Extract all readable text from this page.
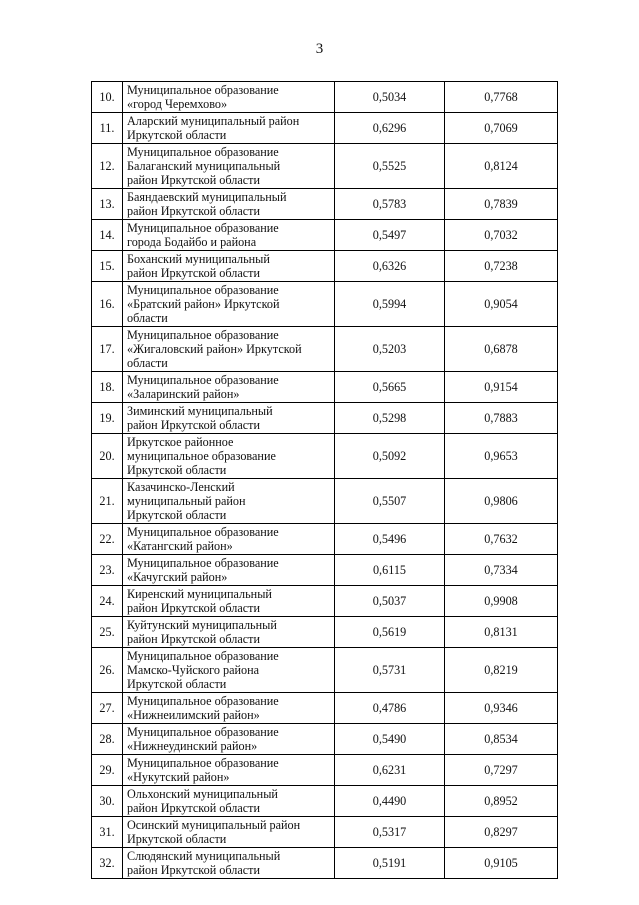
3
10.	Муниципальное образование
«город Черемхово»	0,5034	0,7768
11.	Аларский муниципальный район
Иркутской области	0,6296	0,7069
12.	Муниципальное образование
Балаганский муниципальный
район Иркутской области	0,5525	0,8124
13.	Баяндаевский муниципальный
район Иркутской области	0,5783	0,7839
14.	Муниципальное образование
города Бодайбо и района	0,5497	0,7032
15.	Боханский муниципальный
район Иркутской области	0,6326	0,7238
16.	Муниципальное образование
«Братский район» Иркутской
области	0,5994	0,9054
17.	Муниципальное образование
«Жигаловский район» Иркутской
области	0,5203	0,6878
18.	Муниципальное образование
«Заларинский район»	0,5665	0,9154
19.	Зиминский муниципальный
район Иркутской области	0,5298	0,7883
20.	Иркутское районное
муниципальное образование
Иркутской области	0,5092	0,9653
21.	Казачинско-Ленский
муниципальный район
Иркутской области	0,5507	0,9806
22.	Муниципальное образование
«Катангский район»	0,5496	0,7632
23.	Муниципальное образование
«Качугский район»	0,6115	0,7334
24.	Киренский муниципальный
район Иркутской области	0,5037	0,9908
25.	Куйтунский муниципальный
район Иркутской области	0,5619	0,8131
26.	Муниципальное образование
Мамско-Чуйского района
Иркутской области	0,5731	0,8219
27.	Муниципальное образование
«Нижнеилимский район»	0,4786	0,9346
28.	Муниципальное образование
«Нижнеудинский район»	0,5490	0,8534
29.	Муниципальное образование
«Нукутский район»	0,6231	0,7297
30.	Ольхонский муниципальный
район Иркутской области	0,4490	0,8952
31.	Осинский муниципальный район
Иркутской области	0,5317	0,8297
32.	Слюдянский муниципальный
район Иркутской области	0,5191	0,9105
